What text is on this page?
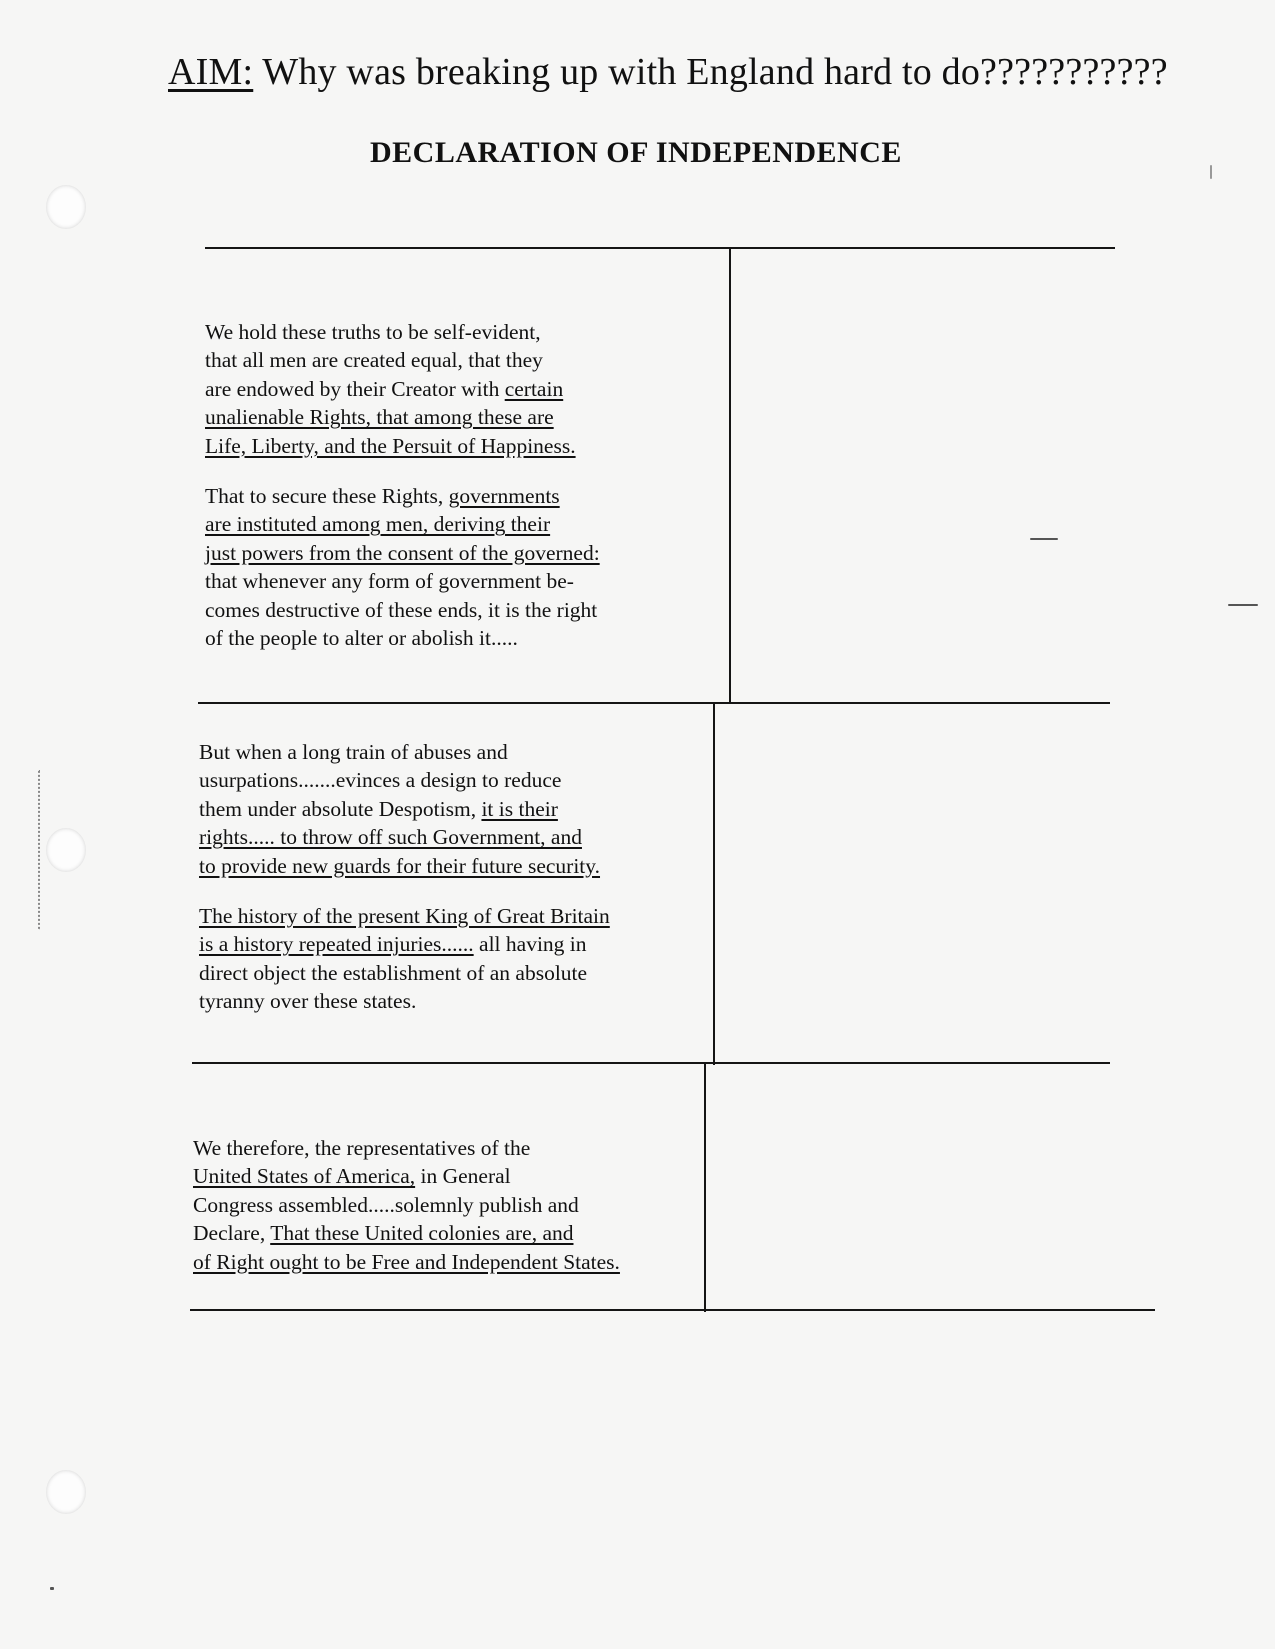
AIM: Why was breaking up with England hard to do???????????
DECLARATION OF INDEPENDENCE

We hold these truths to be self-evident,
that all men are created equal, that they
are endowed by their Creator with certain
unalienable Rights, that among these are
Life, Liberty, and the Persuit of Happiness.

That to secure these Rights, governments
are instituted among men, deriving their
just powers from the consent of the governed:
that whenever any form of government be-
comes destructive of these ends, it is the right
of the people to alter or abolish it.....

But when a long train of abuses and
usurpations.......evinces a design to reduce
them under absolute Despotism, it is their
rights..... to throw off such Government, and
to provide new guards for their future security.

The history of the present King of Great Britain
is a history repeated injuries...... all having in
direct object the establishment of an absolute
tyranny over these states.

We therefore, the representatives of the
United States of America, in General
Congress assembled.....solemnly publish and
Declare, That these United colonies are, and
of Right ought to be Free and Independent States.
